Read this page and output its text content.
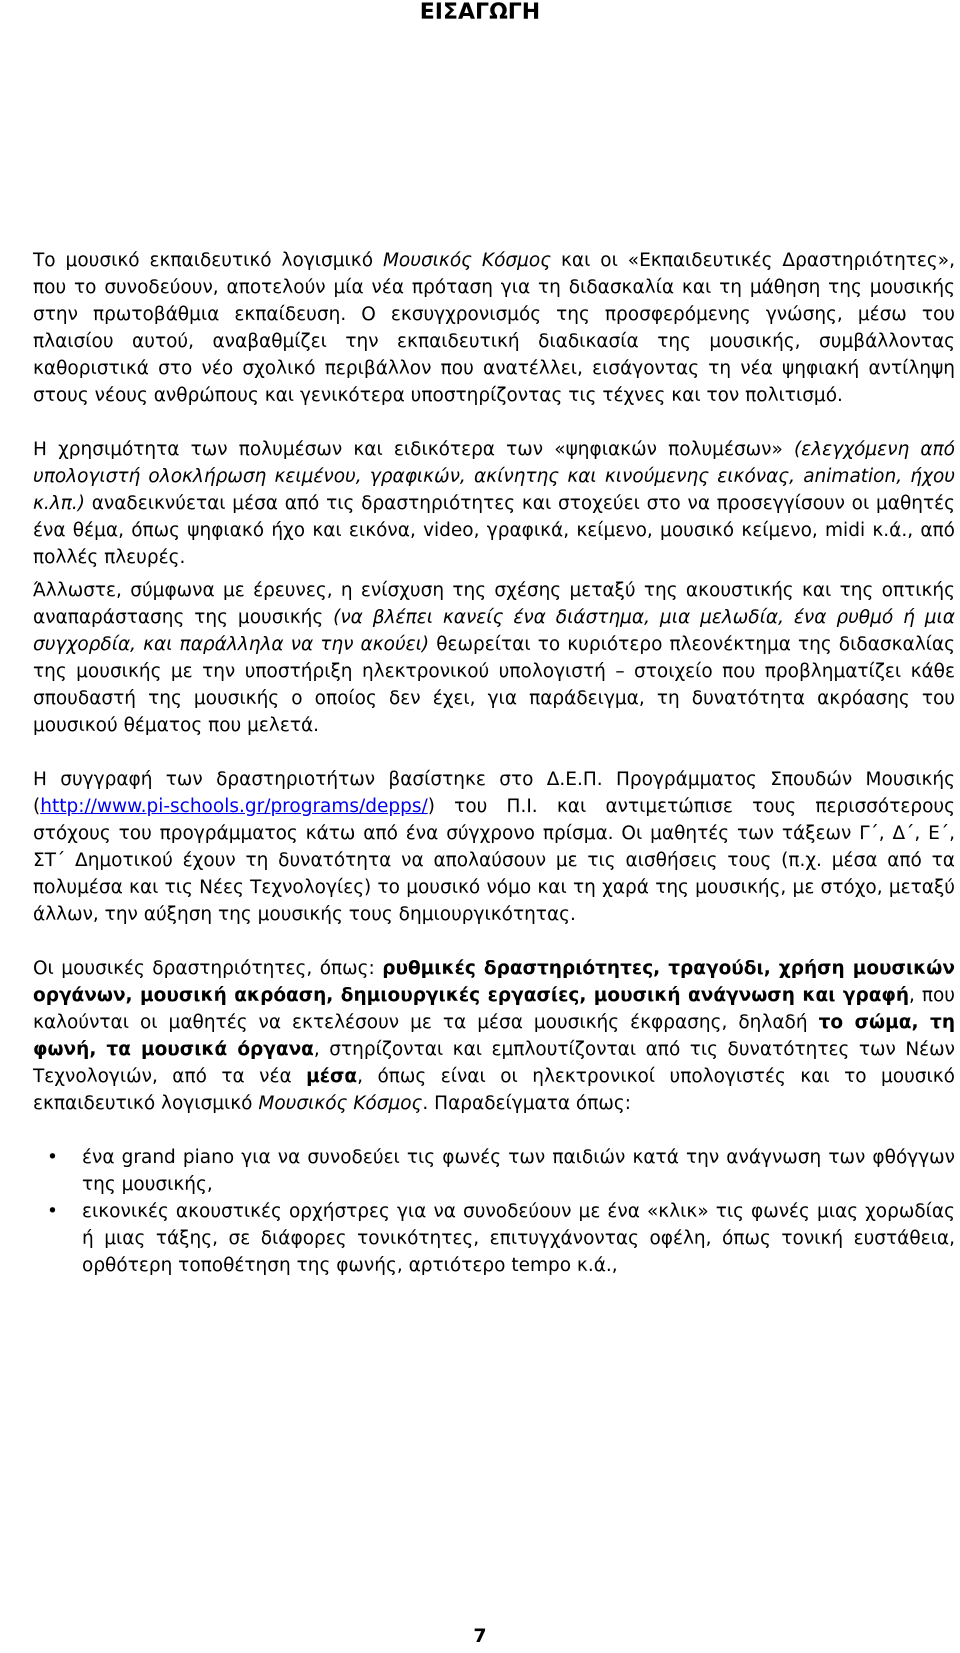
ΕΙΣΑΓΩΓΗ

Το μουσικό εκπαιδευτικό λογισμικό Μουσικός Κόσμος και οι «Εκπαιδευτικές Δραστηριότητες», που το συνοδεύουν, αποτελούν μία νέα πρόταση για τη διδασκαλία και τη μάθηση της μουσικής στην πρωτοβάθμια εκπαίδευση. Ο εκσυγχρονισμός της προσφερόμενης γνώσης, μέσω του πλαισίου αυτού, αναβαθμίζει την εκπαιδευτική διαδικασία της μουσικής, συμβάλλοντας καθοριστικά στο νέο σχολικό περιβάλλον που ανατέλλει, εισάγοντας τη νέα ψηφιακή αντίληψη στους νέους ανθρώπους και γενικότερα υποστηρίζοντας τις τέχνες και τον πολιτισμό.

Η χρησιμότητα των πολυμέσων και ειδικότερα των «ψηφιακών πολυμέσων» (ελεγχόμενη από υπολογιστή ολοκλήρωση κειμένου, γραφικών, ακίνητης και κινούμενης εικόνας, animation, ήχου κ.λπ.) αναδεικνύεται μέσα από τις δραστηριότητες και στοχεύει στο να προσεγγίσουν οι μαθητές ένα θέμα, όπως ψηφιακό ήχο και εικόνα, video, γραφικά, κείμενο, μουσικό κείμενο, midi κ.ά., από πολλές πλευρές.

Άλλωστε, σύμφωνα με έρευνες, η ενίσχυση της σχέσης μεταξύ της ακουστικής και της οπτικής αναπαράστασης της μουσικής (να βλέπει κανείς ένα διάστημα, μια μελωδία, ένα ρυθμό ή μια συγχορδία, και παράλληλα να την ακούει) θεωρείται το κυριότερο πλεονέκτημα της διδασκαλίας της μουσικής με την υποστήριξη ηλεκτρονικού υπολογιστή – στοιχείο που προβληματίζει κάθε σπουδαστή της μουσικής ο οποίος δεν έχει, για παράδειγμα, τη δυνατότητα ακρόασης του μουσικού θέματος που μελετά.

Η συγγραφή των δραστηριοτήτων βασίστηκε στο Δ.Ε.Π. Προγράμματος Σπουδών Μουσικής (http://www.pi-schools.gr/programs/depps/) του Π.Ι. και αντιμετώπισε τους περισσότερους στόχους του προγράμματος κάτω από ένα σύγχρονο πρίσμα. Οι μαθητές των τάξεων Γ΄, Δ΄, Ε΄, ΣΤ΄ Δημοτικού έχουν τη δυνατότητα να απολαύσουν με τις αισθήσεις τους (π.χ. μέσα από τα πολυμέσα και τις Νέες Τεχνολογίες) το μουσικό νόμο και τη χαρά της μουσικής, με στόχο, μεταξύ άλλων, την αύξηση της μουσικής τους δημιουργικότητας.

Οι μουσικές δραστηριότητες, όπως: ρυθμικές δραστηριότητες, τραγούδι, χρήση μουσικών οργάνων, μουσική ακρόαση, δημιουργικές εργασίες, μουσική ανάγνωση και γραφή, που καλούνται οι μαθητές να εκτελέσουν με τα μέσα μουσικής έκφρασης, δηλαδή το σώμα, τη φωνή, τα μουσικά όργανα, στηρίζονται και εμπλουτίζονται από τις δυνατότητες των Νέων Τεχνολογιών, από τα νέα μέσα, όπως είναι οι ηλεκτρονικοί υπολογιστές και το μουσικό εκπαιδευτικό λογισμικό Μουσικός Κόσμος. Παραδείγματα όπως:

• ένα grand piano για να συνοδεύει τις φωνές των παιδιών κατά την ανάγνωση των φθόγγων της μουσικής,
• εικονικές ακουστικές ορχήστρες για να συνοδεύουν με ένα «κλικ» τις φωνές μιας χορωδίας ή μιας τάξης, σε διάφορες τονικότητες, επιτυγχάνοντας οφέλη, όπως τονική ευστάθεια, ορθότερη τοποθέτηση της φωνής, αρτιότερο tempo κ.ά.,
7
